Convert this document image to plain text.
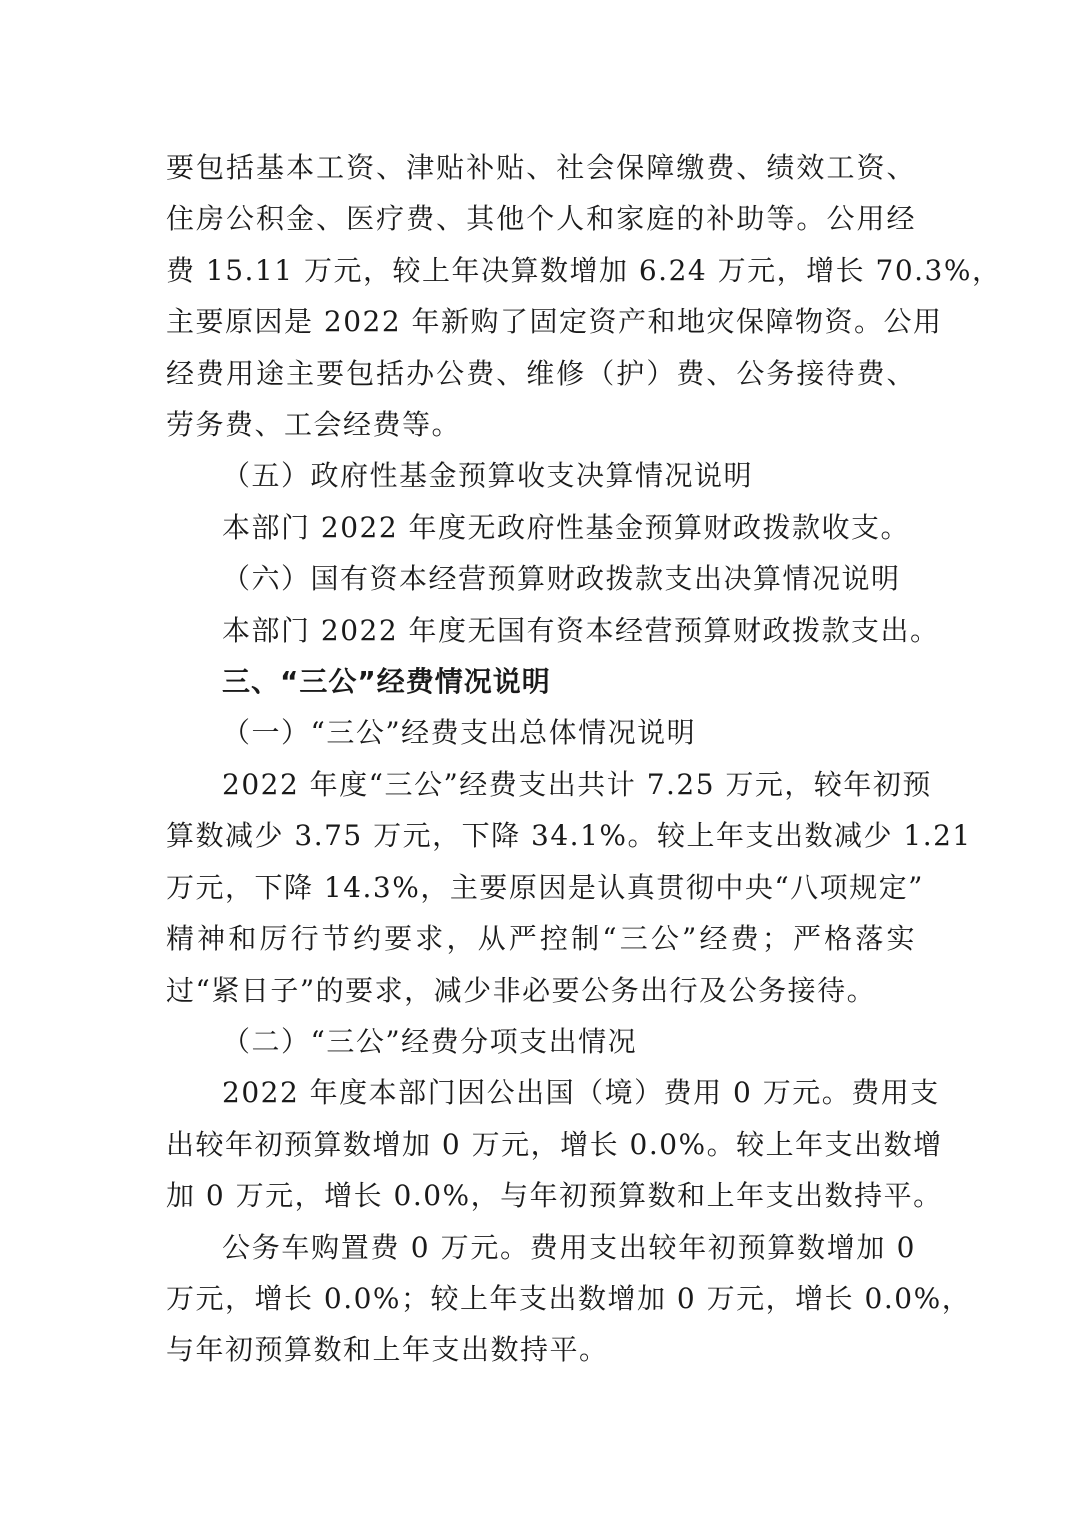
要包括基本工资、津贴补贴、社会保障缴费、绩效工资、

住房公积金、医疗费、其他个人和家庭的补助等。公用经

费 15.11 万元，较上年决算数增加 6.24 万元，增长 70.3%，

主要原因是 2022 年新购了固定资产和地灾保障物资。公用

经费用途主要包括办公费、维修（护）费、公务接待费、

劳务费、工会经费等。

（五）政府性基金预算收支决算情况说明

本部门 2022 年度无政府性基金预算财政拨款收支。

（六）国有资本经营预算财政拨款支出决算情况说明

本部门 2022 年度无国有资本经营预算财政拨款支出。

三、“三公”经费情况说明

（一）“三公”经费支出总体情况说明

2022 年度“三公”经费支出共计 7.25 万元，较年初预

算数减少 3.75 万元，下降 34.1%。较上年支出数减少 1.21

万元，下降 14.3%，主要原因是认真贯彻中央“八项规定”

精神和厉行节约要求，从严控制“三公”经费；严格落实

过“紧日子”的要求，减少非必要公务出行及公务接待。

（二）“三公”经费分项支出情况

2022 年度本部门因公出国（境）费用 0 万元。费用支

出较年初预算数增加 0 万元，增长 0.0%。较上年支出数增

加 0 万元，增长 0.0%，与年初预算数和上年支出数持平。

公务车购置费 0 万元。费用支出较年初预算数增加 0

万元，增长 0.0%；较上年支出数增加 0 万元，增长 0.0%，

与年初预算数和上年支出数持平。
